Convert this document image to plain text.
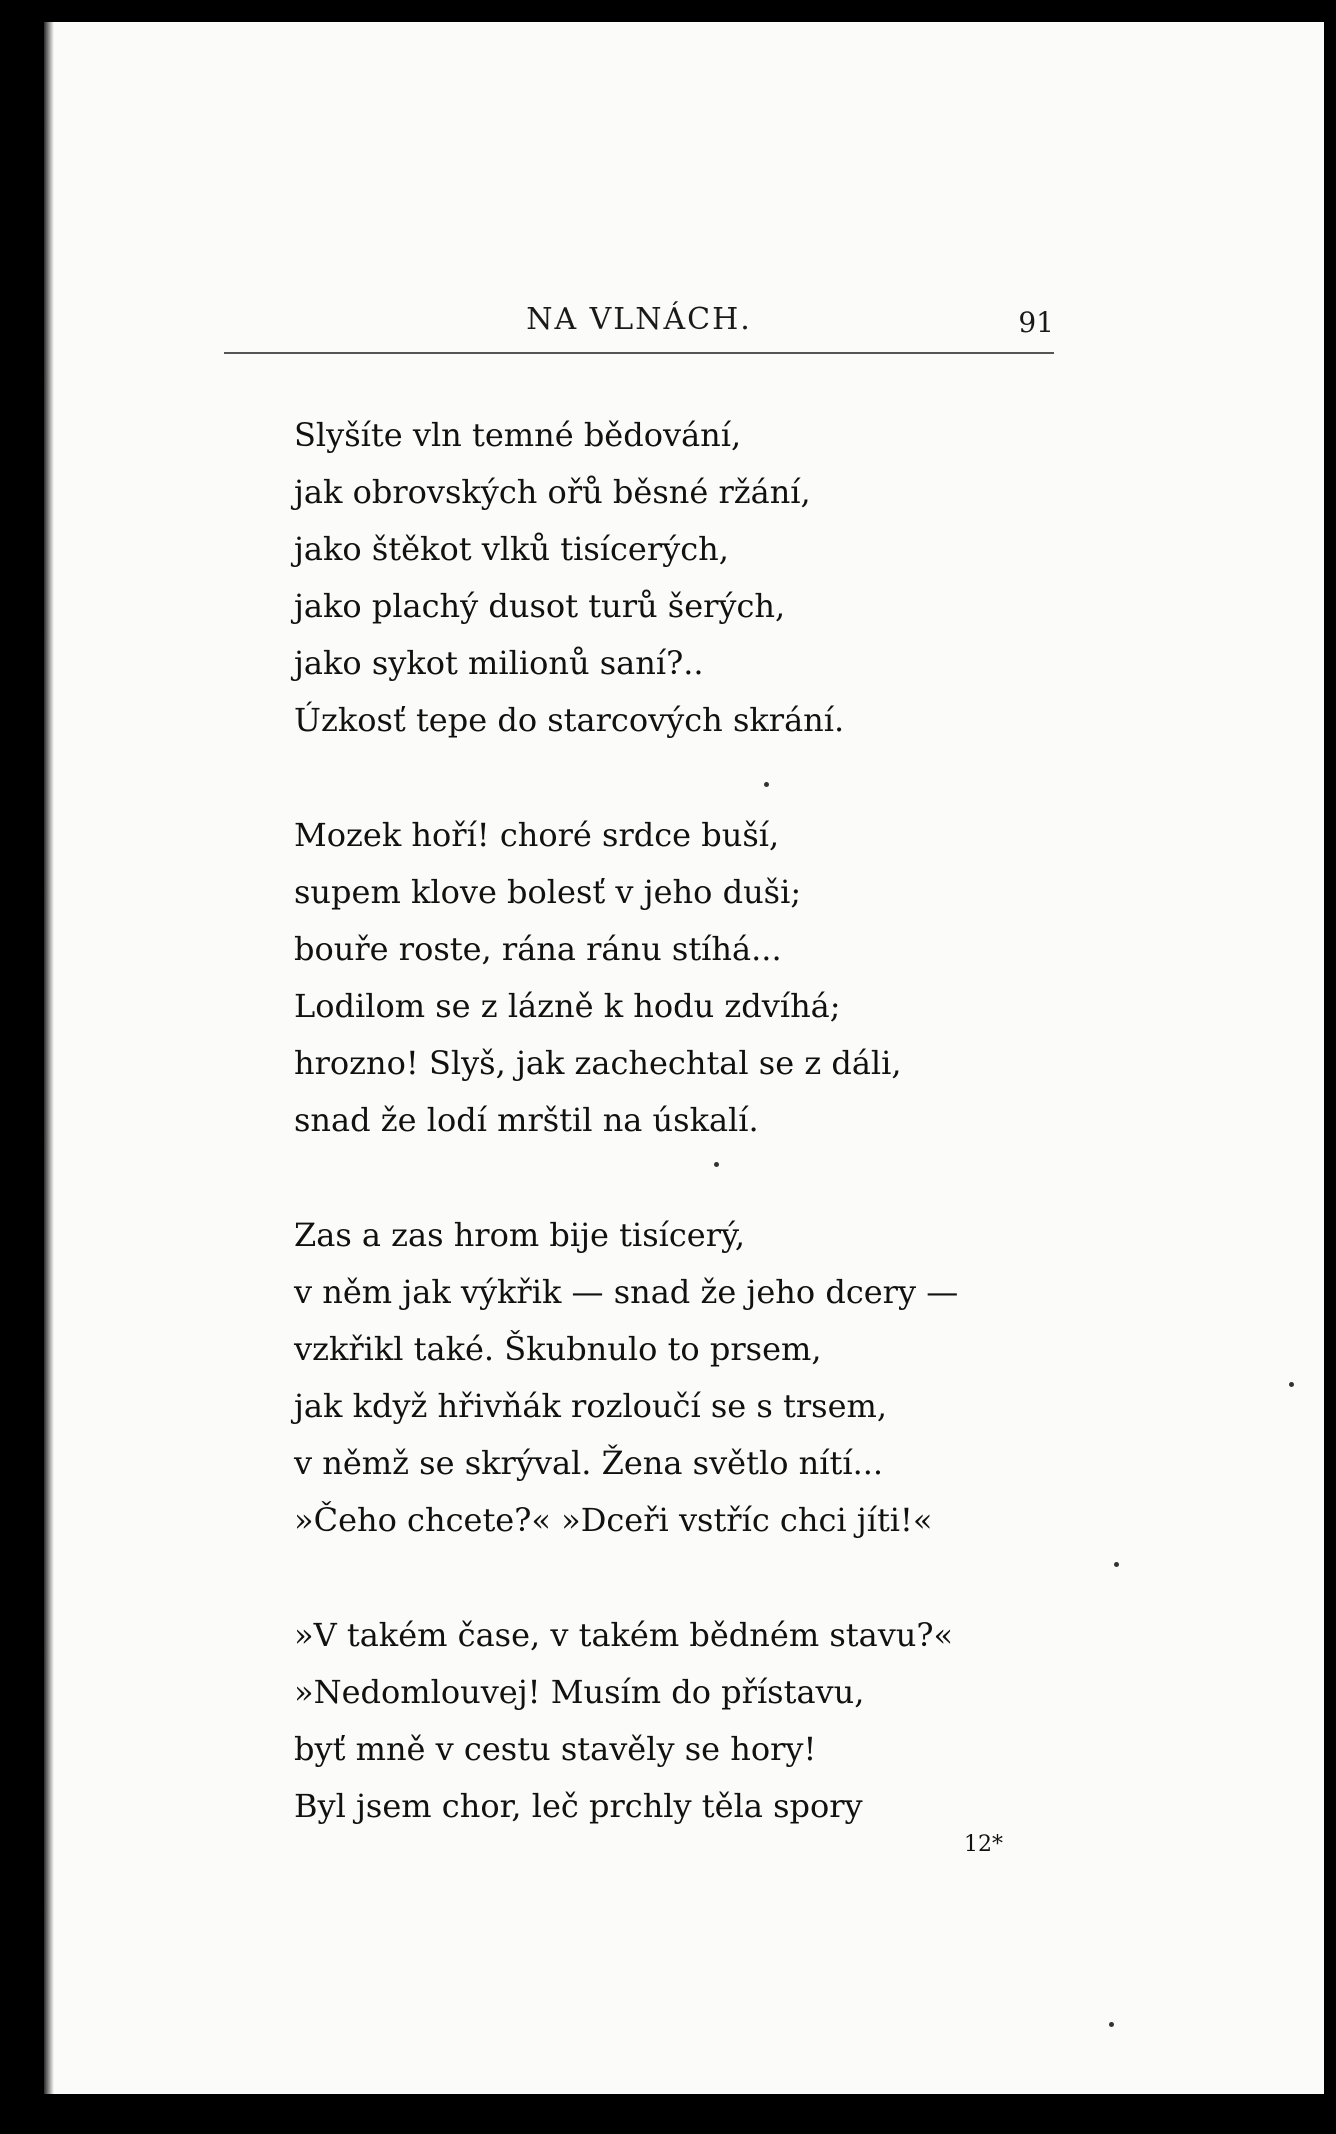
NA VLNÁCH.	91
Slyšíte vln temné bědování,
jak obrovských ořů běsné ržání,
jako štěkot vlků tisícerých,
jako plachý dusot turů šerých,
jako sykot milionů saní?..
Úzkosť tepe do starcových skrání.
Mozek hoří! choré srdce buší,
supem klove bolesť v jeho duši;
bouře roste, rána ránu stíhá...
Lodilom se z lázně k hodu zdvíhá;
hrozno! Slyš, jak zachechtal se z dáli,
snad že lodí mrštil na úskalí.
Zas a zas hrom bije tisícerý,
v něm jak výkřik — snad že jeho dcery —
vzkřikl také. Škubnulo to prsem,
jak když hřivňák rozloučí se s trsem,
v němž se skrýval. Žena světlo nítí...
»Čeho chcete?« »Dceři vstříc chci jíti!«
»V takém čase, v takém bědném stavu?«
»Nedomlouvej! Musím do přístavu,
byť mně v cestu stavěly se hory!
Byl jsem chor, leč prchly těla spory
12*
